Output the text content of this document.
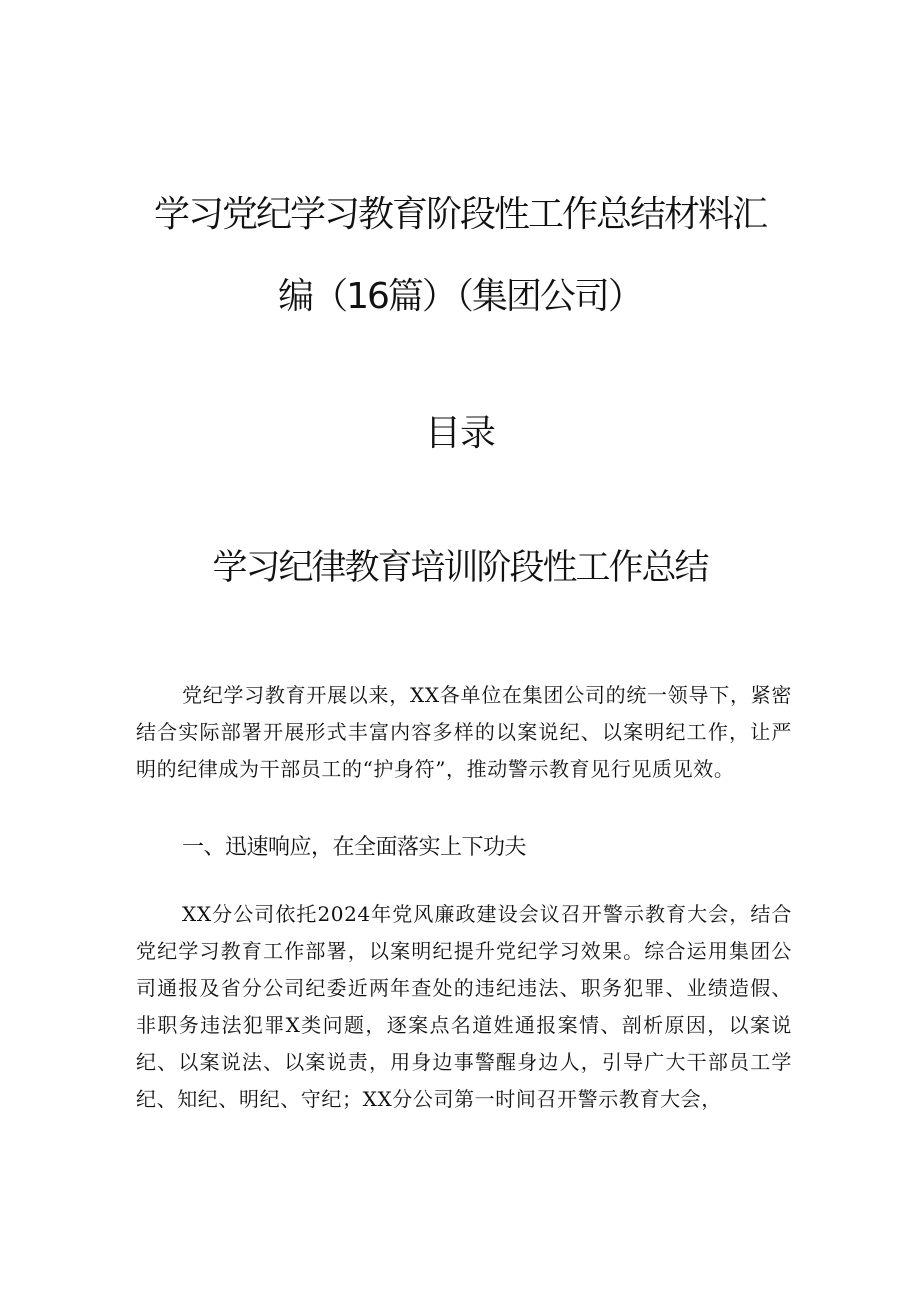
学习党纪学习教育阶段性工作总结材料汇
编（16篇）（集团公司）
目录
学习纪律教育培训阶段性工作总结

党纪学习教育开展以来，XX各单位在集团公司的统一领导下，紧密结合实际部署开展形式丰富内容多样的以案说纪、以案明纪工作，让严明的纪律成为干部员工的“护身符”，推动警示教育见行见质见效。

一、迅速响应，在全面落实上下功夫

XX分公司依托2024年党风廉政建设会议召开警示教育大会，结合党纪学习教育工作部署，以案明纪提升党纪学习效果。综合运用集团公司通报及省分公司纪委近两年查处的违纪违法、职务犯罪、业绩造假、非职务违法犯罪X类问题，逐案点名道姓通报案情、剖析原因，以案说纪、以案说法、以案说责，用身边事警醒身边人，引导广大干部员工学纪、知纪、明纪、守纪；XX分公司第一时间召开警示教育大会，
